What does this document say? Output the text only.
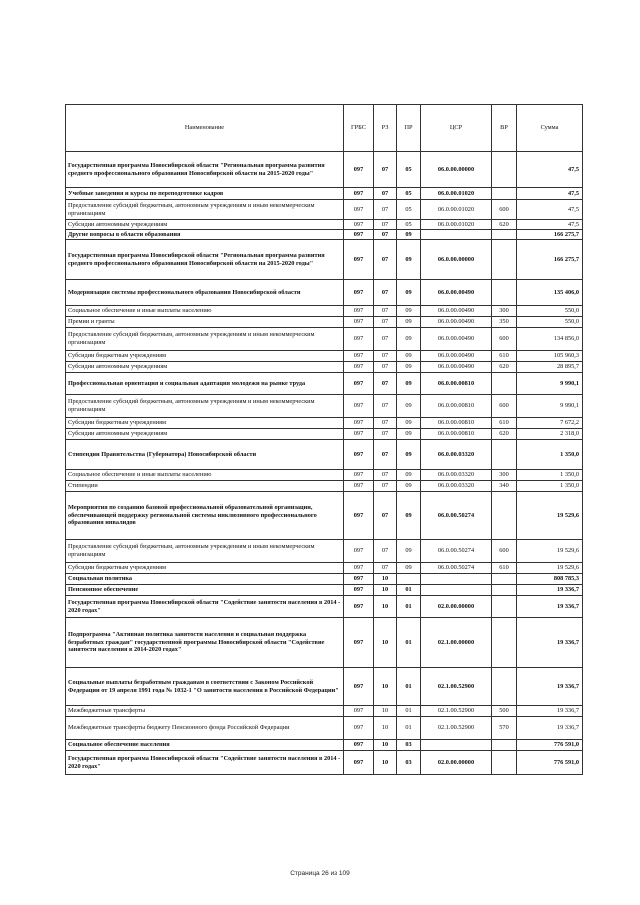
Наименование	ГРБС	РЗ	ПР	ЦСР	ВР	Сумма
Государственная программа Новосибирской области "Региональная программа развития среднего профессионального образования Новосибирской области на 2015-2020 годы"	097	07	05	06.0.00.00000		47,5
Учебные заведения и курсы по переподготовке кадров	097	07	05	06.0.00.01020		47,5
Предоставление субсидий бюджетным, автономным учреждениям и иным некоммерческим организациям	097	07	05	06.0.00.01020	600	47,5
Субсидии автономным учреждениям	097	07	05	06.0.00.01020	620	47,5
Другие вопросы в области образования	097	07	09			166 275,7
Государственная программа Новосибирской области "Региональная программа развития среднего профессионального образования Новосибирской области на 2015-2020 годы"	097	07	09	06.0.00.00000		166 275,7
Модернизация системы профессионального образования Новосибирской области	097	07	09	06.0.00.00490		135 406,0
Социальное обеспечение и иные выплаты населению	097	07	09	06.0.00.00490	300	550,0
Премии и гранты	097	07	09	06.0.00.00490	350	550,0
Предоставление субсидий бюджетным, автономным учреждениям и иным некоммерческим организациям	097	07	09	06.0.00.00490	600	134 856,0
Субсидии бюджетным учреждениям	097	07	09	06.0.00.00490	610	105 960,3
Субсидии автономным учреждениям	097	07	09	06.0.00.00490	620	28 895,7
Профессиональная ориентация и социальная адаптация молодежи на рынке труда	097	07	09	06.0.00.00810		9 990,1
Предоставление субсидий бюджетным, автономным учреждениям и иным некоммерческим организациям	097	07	09	06.0.00.00810	600	9 990,1
Субсидии бюджетным учреждениям	097	07	09	06.0.00.00810	610	7 672,2
Субсидии автономным учреждениям	097	07	09	06.0.00.00810	620	2 318,0
Стипендии Правительства (Губернатора) Новосибирской области	097	07	09	06.0.00.03320		1 350,0
Социальное обеспечение и иные выплаты населению	097	07	09	06.0.00.03320	300	1 350,0
Стипендии	097	07	09	06.0.00.03320	340	1 350,0
Мероприятия по созданию базовой профессиональной образовательной организации, обеспечивающей поддержку региональной системы инклюзивного профессионального образования инвалидов	097	07	09	06.0.00.50274		19 529,6
Предоставление субсидий бюджетным, автономным учреждениям и иным некоммерческим организациям	097	07	09	06.0.00.50274	600	19 529,6
Субсидии бюджетным учреждениям	097	07	09	06.0.00.50274	610	19 529,6
Социальная политика	097	10				808 785,3
Пенсионное обеспечение	097	10	01			19 336,7
Государственная программа Новосибирской области "Содействие занятости населения в 2014 - 2020 годах"	097	10	01	02.0.00.00000		19 336,7
Подпрограмма "Активная политика занятости населения и социальная поддержка безработных граждан" государственной программы Новосибирской области "Содействие занятости населения в 2014-2020 годах"	097	10	01	02.1.00.00000		19 336,7
Социальные выплаты безработным гражданам в соответствии с Законом Российской Федерации от 19 апреля 1991 года № 1032-1 "О занятости населения в Российской Федерации"	097	10	01	02.1.00.52900		19 336,7
Межбюджетные трансферты	097	10	01	02.1.00.52900	500	19 336,7
Межбюджетные трансферты бюджету Пенсионного фонда Российской Федерации	097	10	01	02.1.00.52900	570	19 336,7
Социальное обеспечение населения	097	10	03			776 591,0
Государственная программа Новосибирской области "Содействие занятости населения в 2014 - 2020 годах"	097	10	03	02.0.00.00000		776 591,0
Страница 26 из 109
